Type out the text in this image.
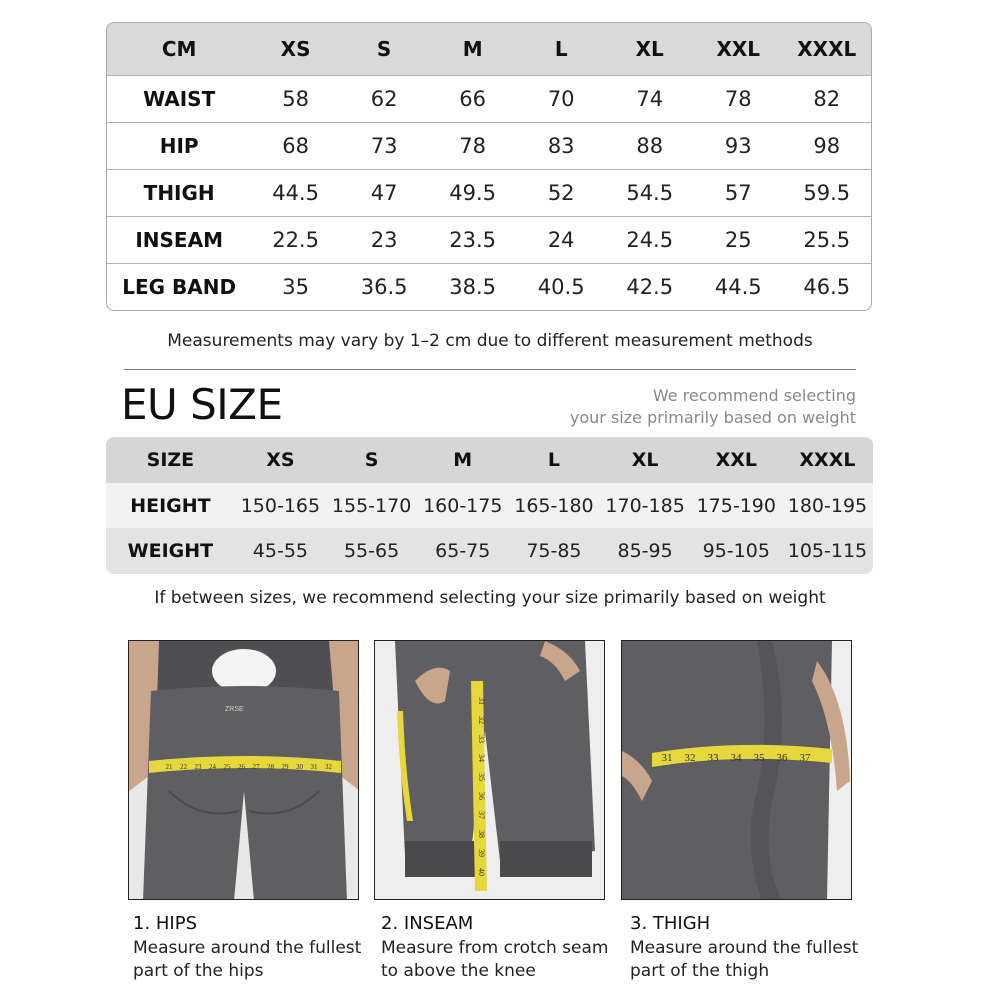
CM	XS	S	M	L	XL	XXL	XXXL
WAIST	58	62	66	70	74	78	82
HIP	68	73	78	83	88	93	98
THIGH	44.5	47	49.5	52	54.5	57	59.5
INSEAM	22.5	23	23.5	24	24.5	25	25.5
LEG BAND	35	36.5	38.5	40.5	42.5	44.5	46.5
Measurements may vary by 1–2 cm due to different measurement methods
EU SIZE	We recommend selecting
your size primarily based on weight
SIZE	XS	S	M	L	XL	XXL	XXXL
HEIGHT	150-165 155-170 160-175 165-180 170-185 175-190 180-195
WEIGHT	45-55	55-65	65-75	75-85	85-95	95-105 105-115
If between sizes, we recommend selecting your size primarily based on weight
ZRSE
21 22 23 24 25 26 27 28 29 30 31 32
31
32
33
34
35
36
37
38
39
40
31 32 33 34 35 36 37
1. HIPS
Measure around the fullest
part of the hips
2. INSEAM
Measure from crotch seam
to above the knee
3. THIGH
Measure around the fullest
part of the thigh
